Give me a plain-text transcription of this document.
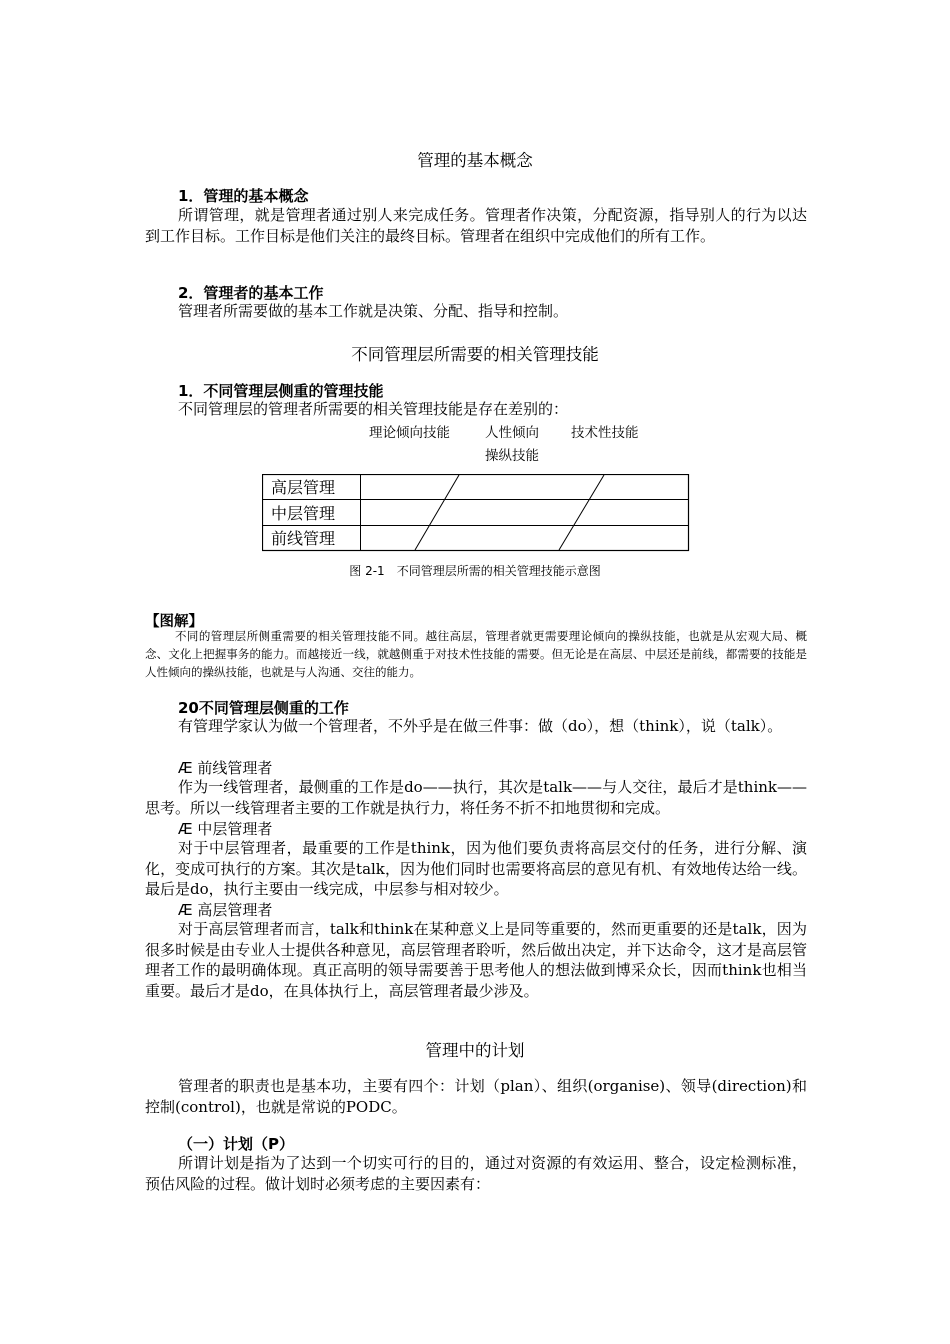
管理的基本概念
1．管理的基本概念

所谓管理，就是管理者通过别人来完成任务。管理者作决策，分配资源，指导别人的行为以达到工作目标。工作目标是他们关注的最终目标。管理者在组织中完成他们的所有工作。

2．管理者的基本工作

管理者所需要做的基本工作就是决策、分配、指导和控制。

不同管理层所需要的相关管理技能
1．不同管理层侧重的管理技能

不同管理层的管理者所需要的相关管理技能是存在差别的：

理论倾向技能	人性倾向 技术性技能
操纵技能
高层管理
中层管理
前线管理
图 2-1　不同管理层所需的相关管理技能示意图
【图解】

不同的管理层所侧重需要的相关管理技能不同。越往高层，管理者就更需要理论倾向的操纵技能，也就是从宏观大局、概念、文化上把握事务的能力。而越接近一线，就越侧重于对技术性技能的需要。但无论是在高层、中层还是前线，都需要的技能是人性倾向的操纵技能，也就是与人沟通、交往的能力。

20不同管理层侧重的工作

有管理学家认为做一个管理者，不外乎是在做三件事：做（do），想（think），说（talk）。

Æ 前线管理者

作为一线管理者，最侧重的工作是do——执行，其次是talk——与人交往，最后才是think——思考。所以一线管理者主要的工作就是执行力，将任务不折不扣地贯彻和完成。

Æ 中层管理者

对于中层管理者，最重要的工作是think，因为他们要负责将高层交付的任务，进行分解、演化，变成可执行的方案。其次是talk，因为他们同时也需要将高层的意见有机、有效地传达给一线。最后是do，执行主要由一线完成，中层参与相对较少。

Æ 高层管理者

对于高层管理者而言，talk和think在某种意义上是同等重要的，然而更重要的还是talk，因为很多时候是由专业人士提供各种意见，高层管理者聆听，然后做出决定，并下达命令，这才是高层管理者工作的最明确体现。真正高明的领导需要善于思考他人的想法做到博采众长，因而think也相当重要。最后才是do，在具体执行上，高层管理者最少涉及。

管理中的计划

管理者的职责也是基本功，主要有四个：计划（plan）、组织(organise)、领导(direction)和控制(control)，也就是常说的PODC。

（一）计划（P）

所谓计划是指为了达到一个切实可行的目的，通过对资源的有效运用、整合，设定检测标准，预估风险的过程。做计划时必须考虑的主要因素有：
